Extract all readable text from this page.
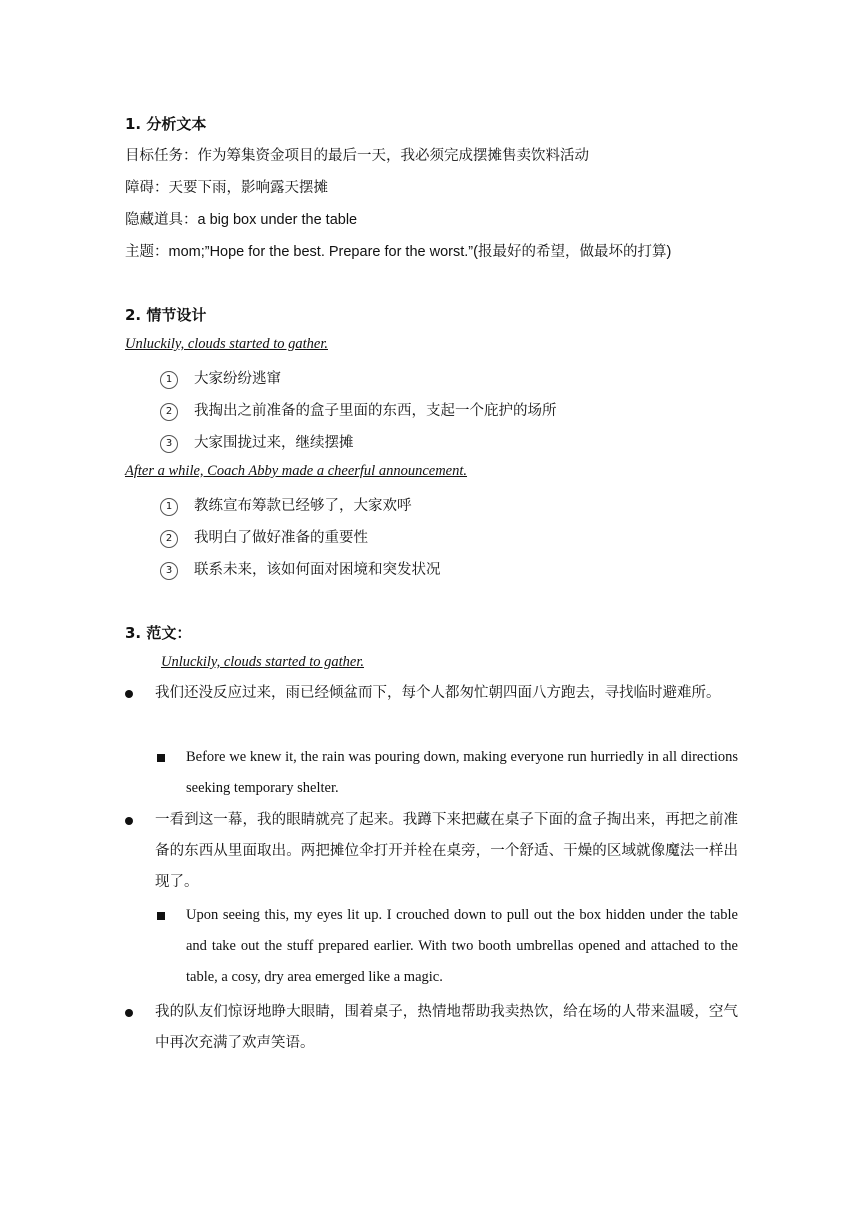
1. 分析文本
目标任务：作为筹集资金项目的最后一天，我必须完成摆摊售卖饮料活动
障碍：天要下雨，影响露天摆摊
隐藏道具：a big box under the table
主题：mom;”Hope for the best. Prepare for the worst.”(报最好的希望，做最坏的打算)
2. 情节设计
Unluckily, clouds started to gather.
1 大家纷纷逃窜
2 我掏出之前准备的盒子里面的东西，支起一个庇护的场所
3 大家围拢过来，继续摆摊
After a while, Coach Abby made a cheerful announcement.
1 教练宣布筹款已经够了，大家欢呼
2 我明白了做好准备的重要性
3 联系未来，该如何面对困境和突发状况
3. 范文：
Unluckily, clouds started to gather.
我们还没反应过来，雨已经倾盆而下，每个人都匆忙朝四面八方跑去，寻找临时避难所。
Before we knew it, the rain was pouring down, making everyone run hurriedly in all directions seeking temporary shelter.
一看到这一幕，我的眼睛就亮了起来。我蹲下来把藏在桌子下面的盒子掏出来，再把之前准备的东西从里面取出。两把摊位伞打开并栓在桌旁，一个舒适、干燥的区域就像魔法一样出现了。
Upon seeing this, my eyes lit up. I crouched down to pull out the box hidden under the table and take out the stuff prepared earlier. With two booth umbrellas opened and attached to the table, a cosy, dry area emerged like a magic.
我的队友们惊讶地睁大眼睛，围着桌子，热情地帮助我卖热饮，给在场的人带来温暖，空气中再次充满了欢声笑语。
